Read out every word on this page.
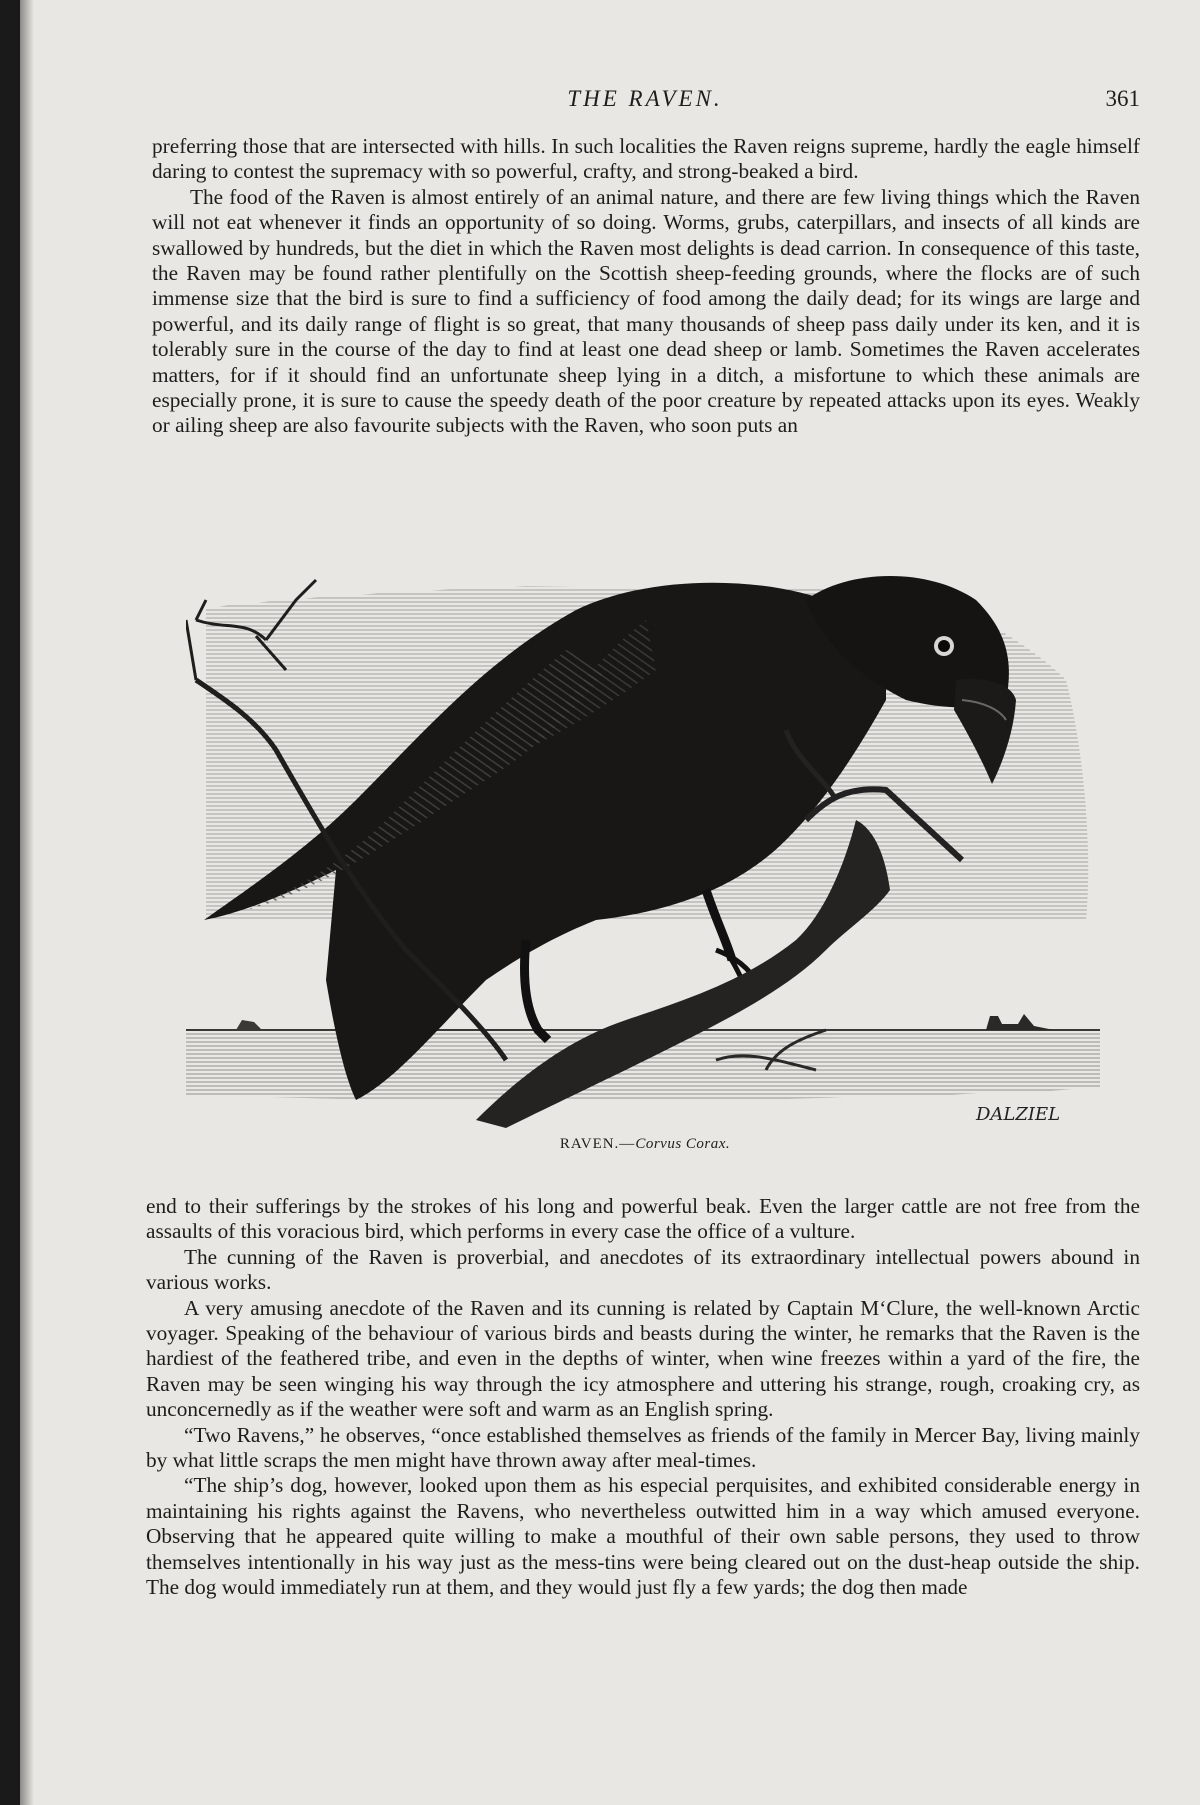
THE RAVEN.	361

preferring those that are intersected with hills. In such localities the Raven reigns supreme, hardly the eagle himself daring to contest the supremacy with so powerful, crafty, and strong-beaked a bird.

The food of the Raven is almost entirely of an animal nature, and there are few living things which the Raven will not eat whenever it finds an opportunity of so doing. Worms, grubs, caterpillars, and insects of all kinds are swallowed by hundreds, but the diet in which the Raven most delights is dead carrion. In consequence of this taste, the Raven may be found rather plentifully on the Scottish sheep-feeding grounds, where the flocks are of such immense size that the bird is sure to find a sufficiency of food among the daily dead; for its wings are large and powerful, and its daily range of flight is so great, that many thousands of sheep pass daily under its ken, and it is tolerably sure in the course of the day to find at least one dead sheep or lamb. Sometimes the Raven accelerates matters, for if it should find an unfortunate sheep lying in a ditch, a misfortune to which these animals are especially prone, it is sure to cause the speedy death of the poor creature by repeated attacks upon its eyes. Weakly or ailing sheep are also favourite subjects with the Raven, who soon puts an

DALZIEL
RAVEN.—Corvus Corax.

end to their sufferings by the strokes of his long and powerful beak. Even the larger cattle are not free from the assaults of this voracious bird, which performs in every case the office of a vulture.

The cunning of the Raven is proverbial, and anecdotes of its extraordinary intellectual powers abound in various works.

A very amusing anecdote of the Raven and its cunning is related by Captain M‘Clure, the well-known Arctic voyager. Speaking of the behaviour of various birds and beasts during the winter, he remarks that the Raven is the hardiest of the feathered tribe, and even in the depths of winter, when wine freezes within a yard of the fire, the Raven may be seen winging his way through the icy atmosphere and uttering his strange, rough, croaking cry, as unconcernedly as if the weather were soft and warm as an English spring.

“Two Ravens,” he observes, “once established themselves as friends of the family in Mercer Bay, living mainly by what little scraps the men might have thrown away after meal-times.

“The ship’s dog, however, looked upon them as his especial perquisites, and exhibited considerable energy in maintaining his rights against the Ravens, who nevertheless outwitted him in a way which amused everyone. Observing that he appeared quite willing to make a mouthful of their own sable persons, they used to throw themselves intentionally in his way just as the mess-tins were being cleared out on the dust-heap outside the ship. The dog would immediately run at them, and they would just fly a few yards; the dog then made
